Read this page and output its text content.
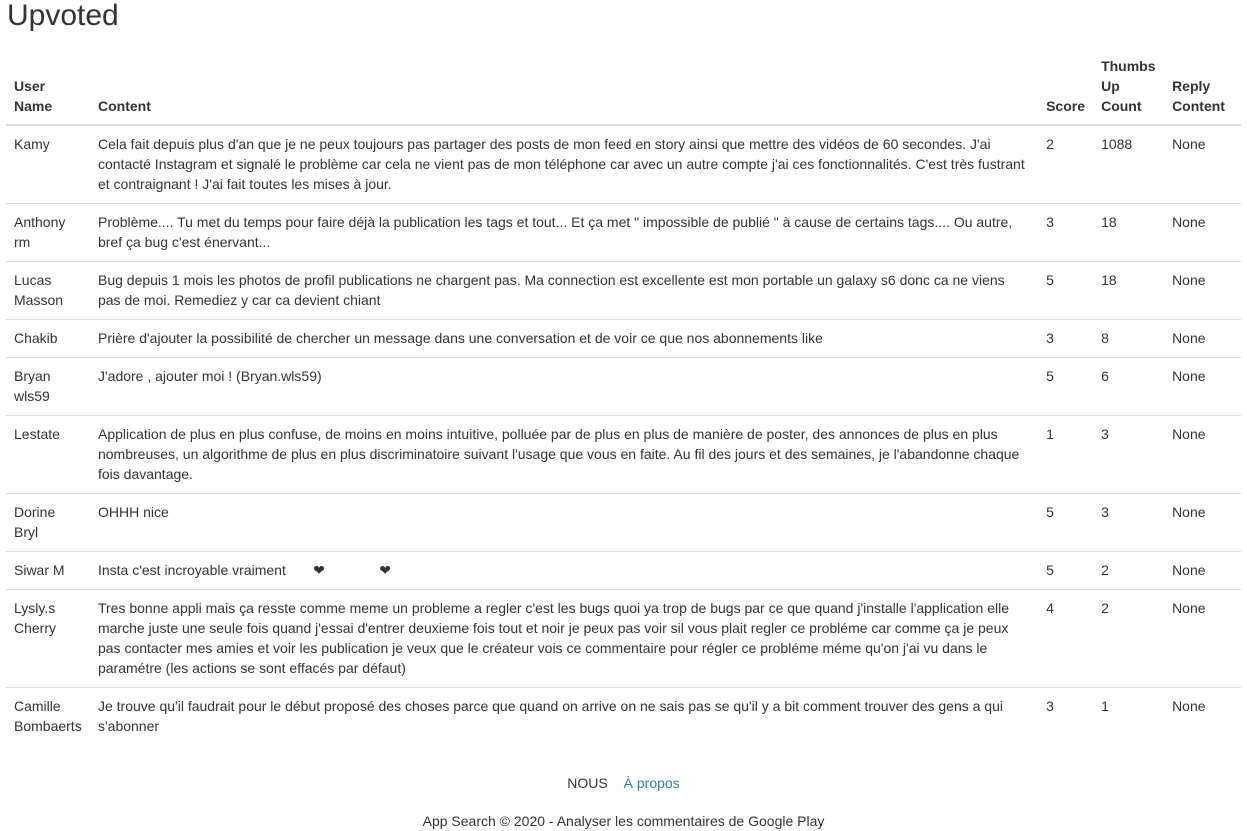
Upvoted
User Name	Content	Score	Thumbs Up Count	Reply Content
Kamy	Cela fait depuis plus d'an que je ne peux toujours pas partager des posts de mon feed en story ainsi que mettre des vidéos de 60 secondes. J'ai contacté Instagram et signalé le problème car cela ne vient pas de mon téléphone car avec un autre compte j'ai ces fonctionnalités. C'est très fustrant et contraignant ! J'ai fait toutes les mises à jour.	2	1088	None
Anthony rm	Problème.... Tu met du temps pour faire déjà la publication les tags et tout... Et ça met " impossible de publié " à cause de certains tags.... Ou autre, bref ça bug c'est énervant...	3	18	None
Lucas Masson	Bug depuis 1 mois les photos de profil publications ne chargent pas. Ma connection est excellente est mon portable un galaxy s6 donc ca ne viens pas de moi. Remediez y car ca devient chiant	5	18	None
Chakib	Prière d'ajouter la possibilité de chercher un message dans une conversation et de voir ce que nos abonnements like	3	8	None
Bryan wls59	J'adore , ajouter moi ! (Bryan.wls59)	5	6	None
Lestate	Application de plus en plus confuse, de moins en moins intuitive, polluée par de plus en plus de manière de poster, des annonces de plus en plus nombreuses, un algorithme de plus en plus discriminatoire suivant l'usage que vous en faite. Au fil des jours et des semaines, je l'abandonne chaque fois davantage.	1	3	None
Dorine Bryl	OHHH nice	5	3	None
Siwar M	Insta c'est incroyable vraiment       ❤              ❤	5	2	None
Lysly.s Cherry	Tres bonne appli mais ça resste comme meme un probleme a regler c'est les bugs quoi ya trop de bugs par ce que quand j'installe l'application elle marche juste une seule fois quand j'essai d'entrer deuxieme fois tout et noir je peux pas voir sil vous plait regler ce probléme car comme ça je peux pas contacter mes amies et voir les publication je veux que le créateur vois ce commentaire pour régler ce probléme méme qu'on j'ai vu dans le paramétre (les actions se sont effacés par défaut)	4	2	None
Camille Bombaerts	Je trouve qu'il faudrait pour le début proposé des choses parce que quand on arrive on ne sais pas se qu'il y a bit comment trouver des gens a qui s'abonner	3	1	None
NOUS À propos
App Search © 2020 - Analyser les commentaires de Google Play
